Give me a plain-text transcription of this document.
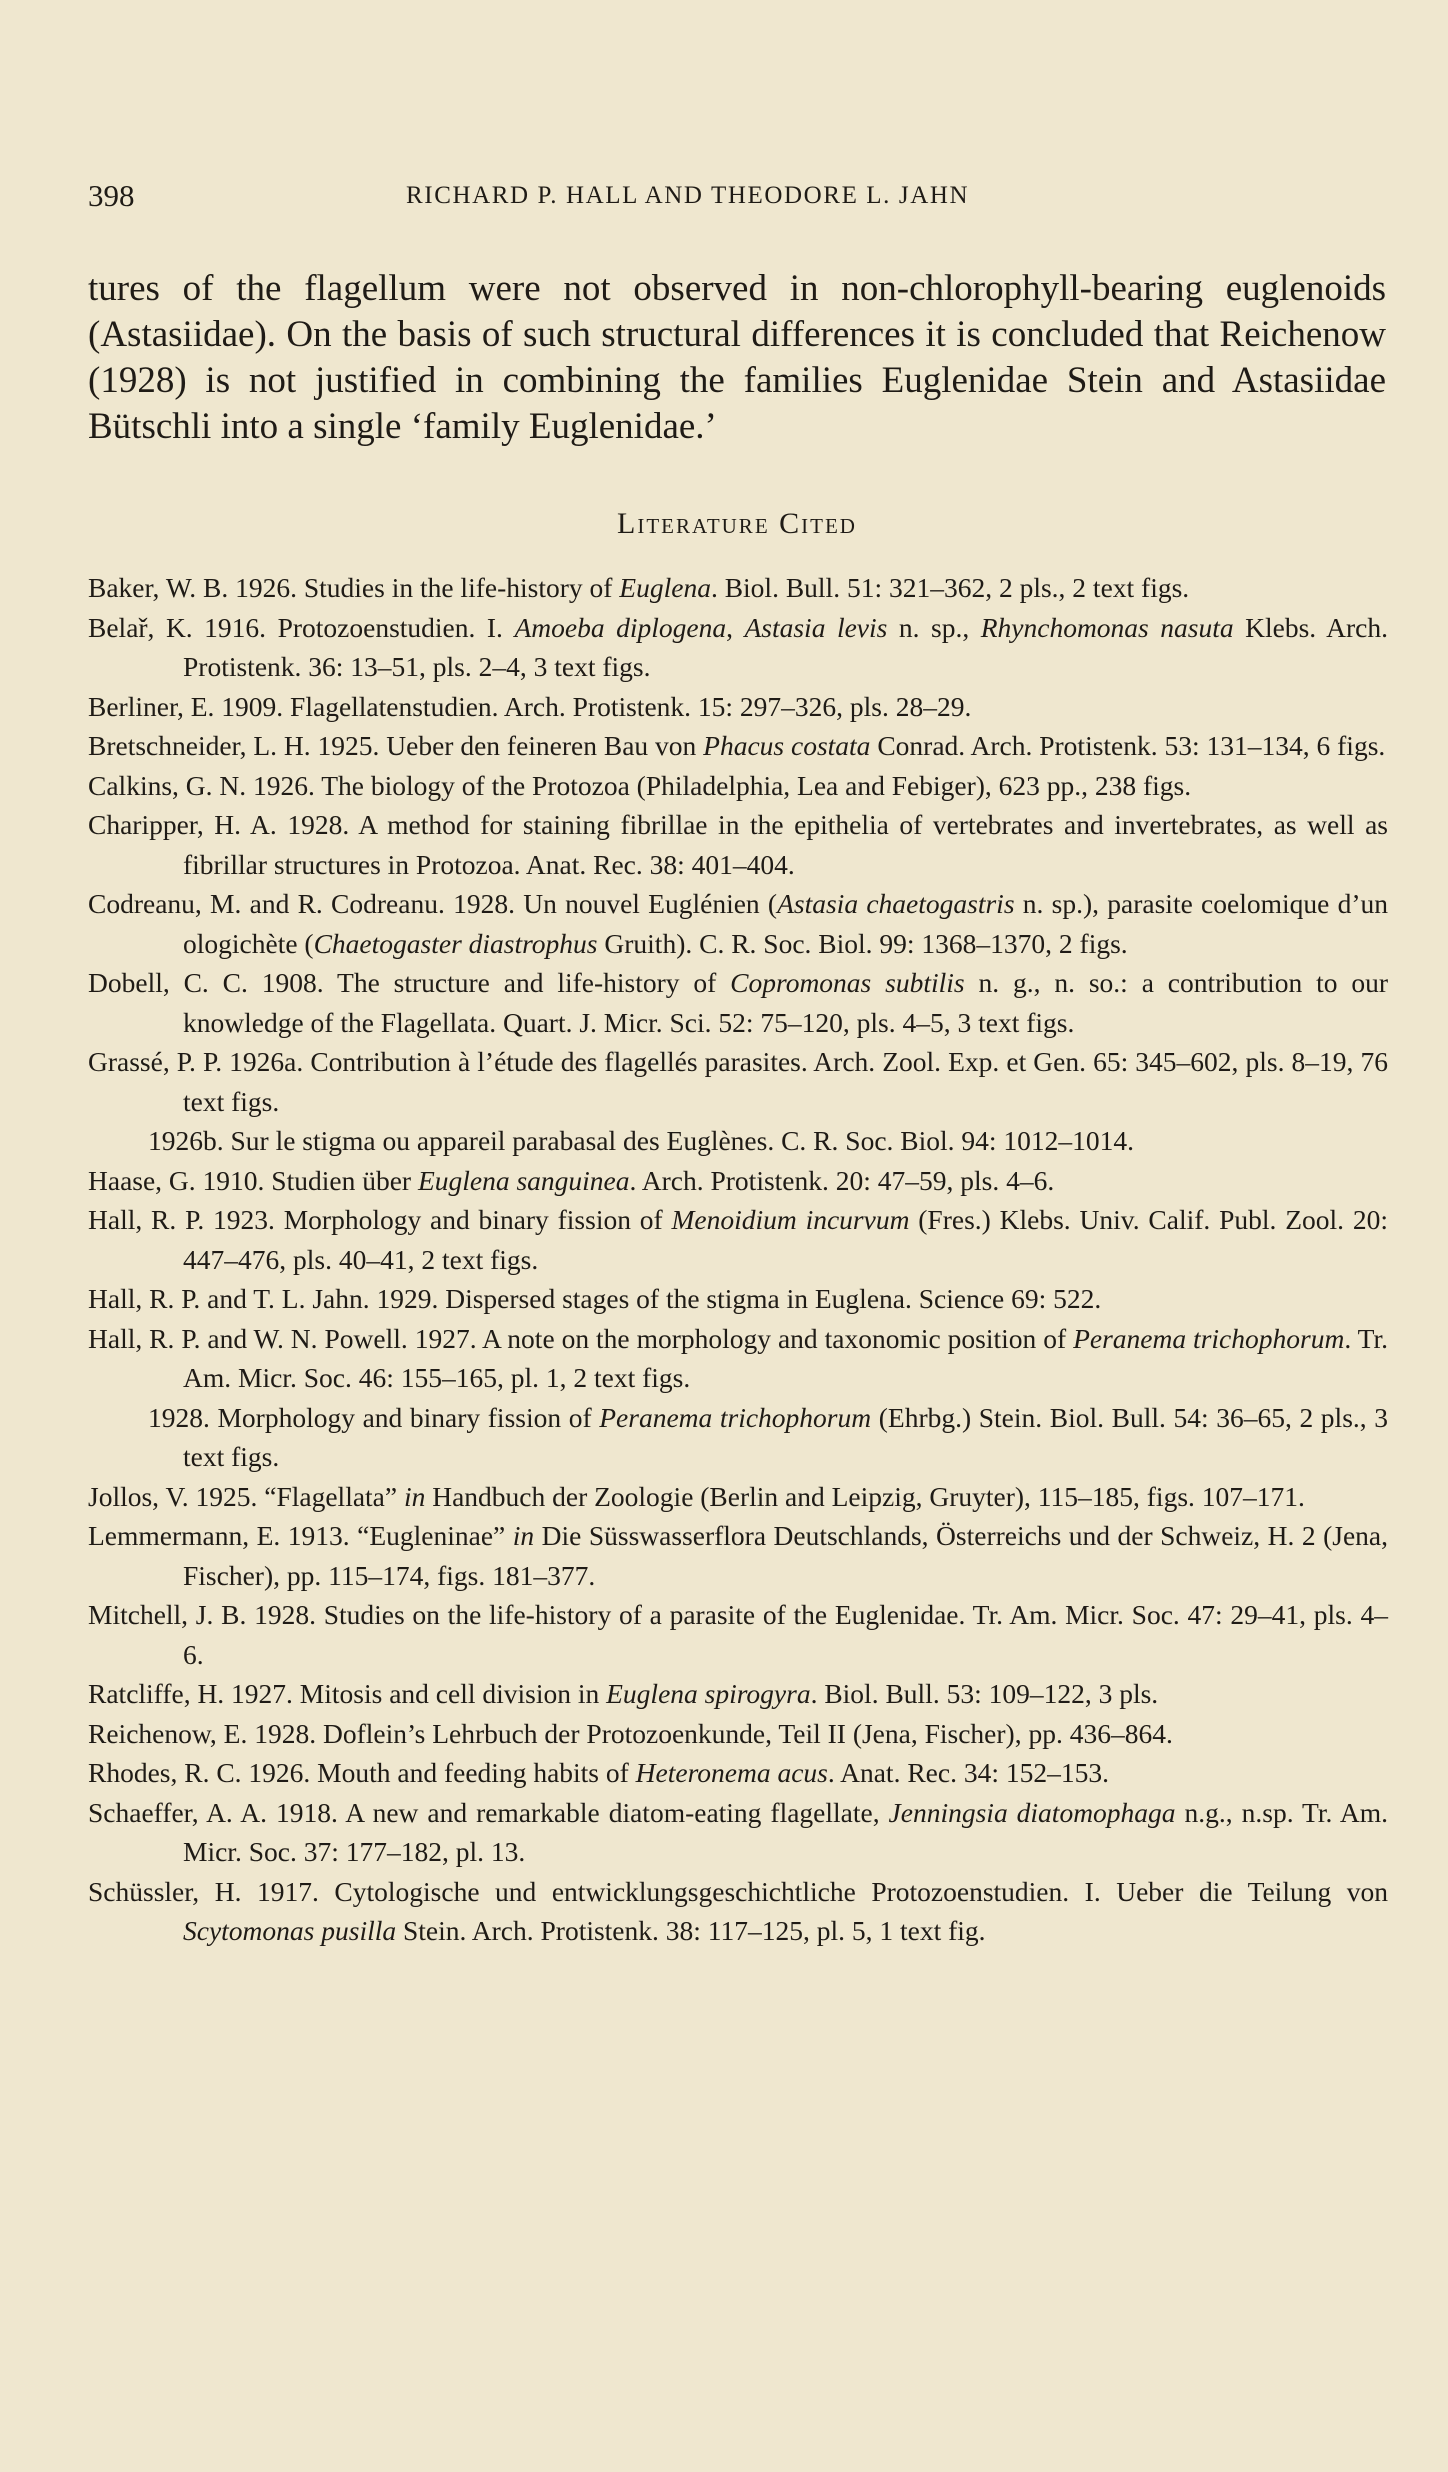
398	RICHARD P. HALL AND THEODORE L. JAHN

tures of the flagellum were not observed in non-chlorophyll-bearing euglenoids (Astasiidae). On the basis of such structural differences it is concluded that Reichenow (1928) is not justified in combining the families Euglenidae Stein and Astasiidae Bütschli into a single ‘family Euglenidae.’

Literature Cited
Baker, W. B. 1926. Studies in the life-history of Euglena. Biol. Bull. 51: 321–362, 2 pls., 2 text figs.
Belař, K. 1916. Protozoenstudien. I. Amoeba diplogena, Astasia levis n. sp., Rhynchomonas nasuta Klebs. Arch. Protistenk. 36: 13–51, pls. 2–4, 3 text figs.
Berliner, E. 1909. Flagellatenstudien. Arch. Protistenk. 15: 297–326, pls. 28–29.
Bretschneider, L. H. 1925. Ueber den feineren Bau von Phacus costata Conrad. Arch. Protistenk. 53: 131–134, 6 figs.
Calkins, G. N. 1926. The biology of the Protozoa (Philadelphia, Lea and Febiger), 623 pp., 238 figs.
Charipper, H. A. 1928. A method for staining fibrillae in the epithelia of vertebrates and invertebrates, as well as fibrillar structures in Protozoa. Anat. Rec. 38: 401–404.
Codreanu, M. and R. Codreanu. 1928. Un nouvel Euglénien (Astasia chaetogastris n. sp.), parasite coelomique d’un ologichète (Chaetogaster diastrophus Gruith). C. R. Soc. Biol. 99: 1368–1370, 2 figs.
Dobell, C. C. 1908. The structure and life-history of Copromonas subtilis n. g., n. so.: a contribution to our knowledge of the Flagellata. Quart. J. Micr. Sci. 52: 75–120, pls. 4–5, 3 text figs.
Grassé, P. P. 1926a. Contribution à l’étude des flagellés parasites. Arch. Zool. Exp. et Gen. 65: 345–602, pls. 8–19, 76 text figs.
1926b. Sur le stigma ou appareil parabasal des Euglènes. C. R. Soc. Biol. 94: 1012–1014.
Haase, G. 1910. Studien über Euglena sanguinea. Arch. Protistenk. 20: 47–59, pls. 4–6.
Hall, R. P. 1923. Morphology and binary fission of Menoidium incurvum (Fres.) Klebs. Univ. Calif. Publ. Zool. 20: 447–476, pls. 40–41, 2 text figs.
Hall, R. P. and T. L. Jahn. 1929. Dispersed stages of the stigma in Euglena. Science 69: 522.
Hall, R. P. and W. N. Powell. 1927. A note on the morphology and taxonomic position of Peranema trichophorum. Tr. Am. Micr. Soc. 46: 155–165, pl. 1, 2 text figs.
1928. Morphology and binary fission of Peranema trichophorum (Ehrbg.) Stein. Biol. Bull. 54: 36–65, 2 pls., 3 text figs.
Jollos, V. 1925. “Flagellata” in Handbuch der Zoologie (Berlin and Leipzig, Gruyter), 115–185, figs. 107–171.
Lemmermann, E. 1913. “Eugleninae” in Die Süsswasserflora Deutschlands, Österreichs und der Schweiz, H. 2 (Jena, Fischer), pp. 115–174, figs. 181–377.
Mitchell, J. B. 1928. Studies on the life-history of a parasite of the Euglenidae. Tr. Am. Micr. Soc. 47: 29–41, pls. 4–6.
Ratcliffe, H. 1927. Mitosis and cell division in Euglena spirogyra. Biol. Bull. 53: 109–122, 3 pls.
Reichenow, E. 1928. Doflein’s Lehrbuch der Protozoenkunde, Teil II (Jena, Fischer), pp. 436–864.
Rhodes, R. C. 1926. Mouth and feeding habits of Heteronema acus. Anat. Rec. 34: 152–153.
Schaeffer, A. A. 1918. A new and remarkable diatom-eating flagellate, Jenningsia diatomophaga n.g., n.sp. Tr. Am. Micr. Soc. 37: 177–182, pl. 13.
Schüssler, H. 1917. Cytologische und entwicklungsgeschichtliche Protozoenstudien. I. Ueber die Teilung von Scytomonas pusilla Stein. Arch. Protistenk. 38: 117–125, pl. 5, 1 text fig.
